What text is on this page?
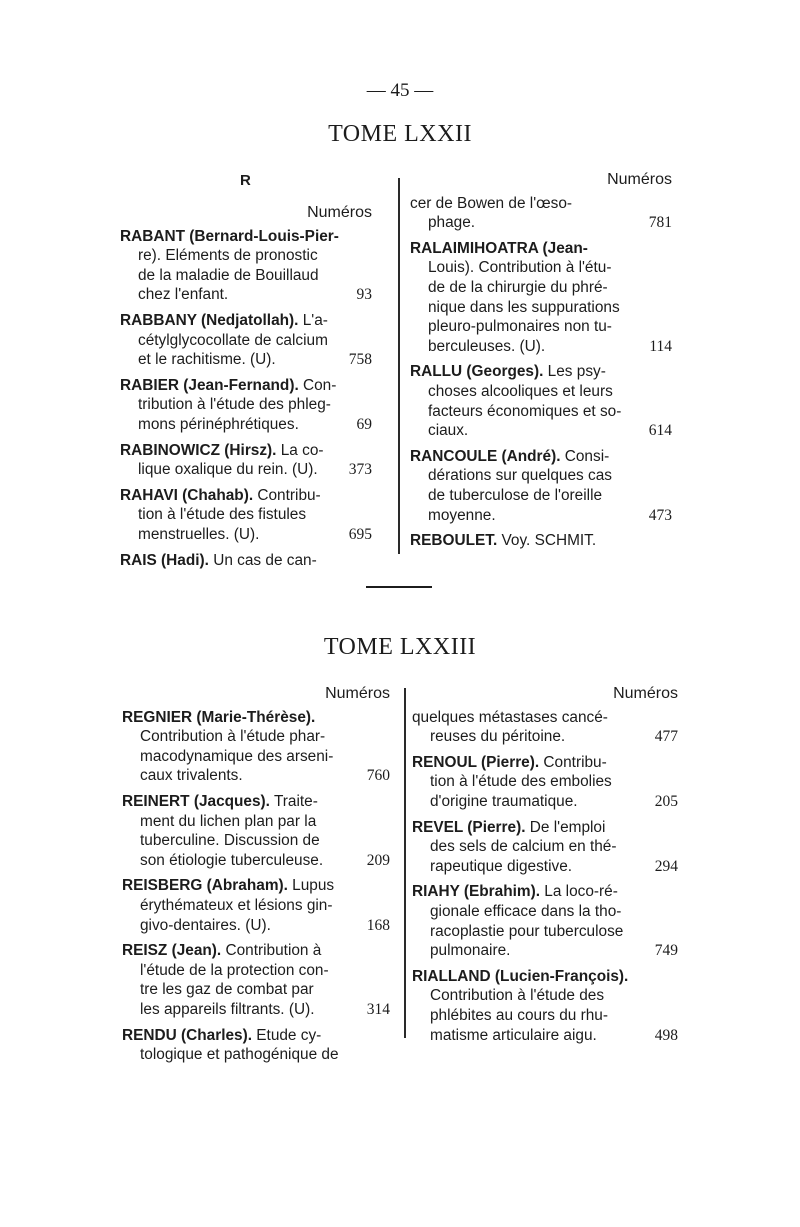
— 45 —
TOME LXXII
R
Numéros
RABANT (Bernard-Louis-Pier-
re). Eléments de pronostic
de la maladie de Bouillaud
chez l'enfant.	93
RABBANY (Nedjatollah). L'a-
cétylglycocollate de calcium
et le rachitisme. (U).	758
RABIER (Jean-Fernand). Con-
tribution à l'étude des phleg-
mons périnéphrétiques.	69
RABINOWICZ (Hirsz). La co-
lique oxalique du rein. (U). 373
RAHAVI (Chahab). Contribu-
tion à l'étude des fistules
menstruelles. (U).	695
RAIS (Hadi). Un cas de can-
Numéros
cer de Bowen de l'œso-
phage.	781
RALAIMIHOATRA (Jean-
Louis). Contribution à l'étu-
de de la chirurgie du phré-
nique dans les suppurations
pleuro-pulmonaires non tu-
berculeuses. (U).	114
RALLU (Georges). Les psy-
choses alcooliques et leurs
facteurs économiques et so-
ciaux.	614
RANCOULE (André). Consi-
dérations sur quelques cas
de tuberculose de l'oreille
moyenne.	473
REBOULET. Voy. SCHMIT.
TOME LXXIII
Numéros
REGNIER (Marie-Thérèse).
Contribution à l'étude phar-
macodynamique des arseni-
caux trivalents.	760
REINERT (Jacques). Traite-
ment du lichen plan par la
tuberculine. Discussion de
son étiologie tuberculeuse.	209
REISBERG (Abraham). Lupus
érythémateux et lésions gin-
givo-dentaires. (U).	168
REISZ (Jean). Contribution à
l'étude de la protection con-
tre les gaz de combat par
les appareils filtrants. (U).	314
RENDU (Charles). Etude cy-
tologique et pathogénique de
Numéros
quelques métastases cancé-
reuses du péritoine.	477
RENOUL (Pierre). Contribu-
tion à l'étude des embolies
d'origine traumatique.	205
REVEL (Pierre). De l'emploi
des sels de calcium en thé-
rapeutique digestive.	294
RIAHY (Ebrahim). La loco-ré-
gionale efficace dans la tho-
racoplastie pour tuberculose
pulmonaire.	749
RIALLAND (Lucien-François).
Contribution à l'étude des
phlébites au cours du rhu-
matisme articulaire aigu.	498
